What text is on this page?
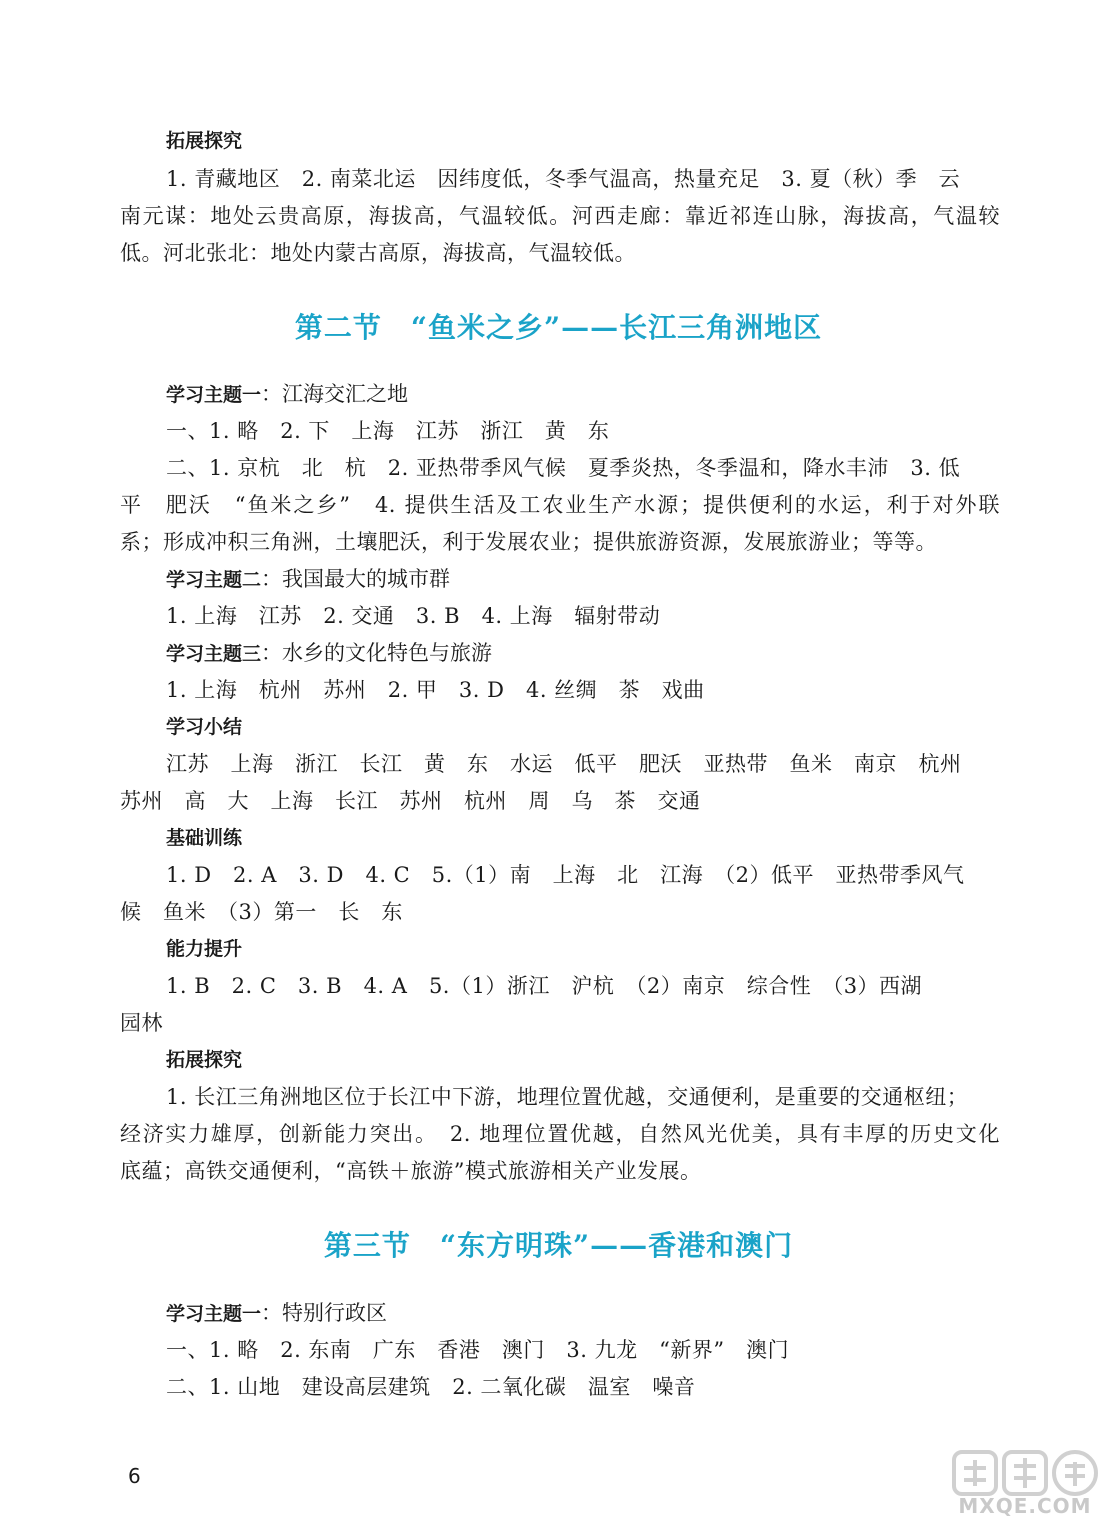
拓展探究
1. 青藏地区　2. 南菜北运　因纬度低，冬季气温高，热量充足　3. 夏（秋）季　云
南元谋：地处云贵高原，海拔高，气温较低。河西走廊：靠近祁连山脉，海拔高，气温较
低。河北张北：地处内蒙古高原，海拔高，气温较低。
第二节　“鱼米之乡”——长江三角洲地区
学习主题一：江海交汇之地
一、1. 略　2. 下　上海　江苏　浙江　黄　东
二、1. 京杭　北　杭　2. 亚热带季风气候　夏季炎热，冬季温和，降水丰沛　3. 低
平　肥沃　“鱼米之乡”　4. 提供生活及工农业生产水源；提供便利的水运，利于对外联
系；形成冲积三角洲，土壤肥沃，利于发展农业；提供旅游资源，发展旅游业；等等。
学习主题二：我国最大的城市群
1. 上海　江苏　2. 交通　3. B　4. 上海　辐射带动
学习主题三：水乡的文化特色与旅游
1. 上海　杭州　苏州　2. 甲　3. D　4. 丝绸　茶　戏曲
学习小结
江苏　上海　浙江　长江　黄　东　水运　低平　肥沃　亚热带　鱼米　南京　杭州
苏州　高　大　上海　长江　苏州　杭州　周　乌　茶　交通
基础训练
1. D　2. A　3. D　4. C　5.（1）南　上海　北　江海　（2）低平　亚热带季风气
候　鱼米　（3）第一　长　东
能力提升
1. B　2. C　3. B　4. A　5.（1）浙江　沪杭　（2）南京　综合性　（3）西湖
园林
拓展探究
1. 长江三角洲地区位于长江中下游，地理位置优越，交通便利，是重要的交通枢纽；
经济实力雄厚，创新能力突出。　2. 地理位置优越，自然风光优美，具有丰厚的历史文化
底蕴；高铁交通便利，“高铁＋旅游”模式旅游相关产业发展。
第三节　“东方明珠”——香港和澳门
学习主题一：特别行政区
一、1. 略　2. 东南　广东　香港　澳门　3. 九龙　“新界”　澳门
二、1. 山地　建设高层建筑　2. 二氧化碳　温室　噪音
6
MXQE.COM
